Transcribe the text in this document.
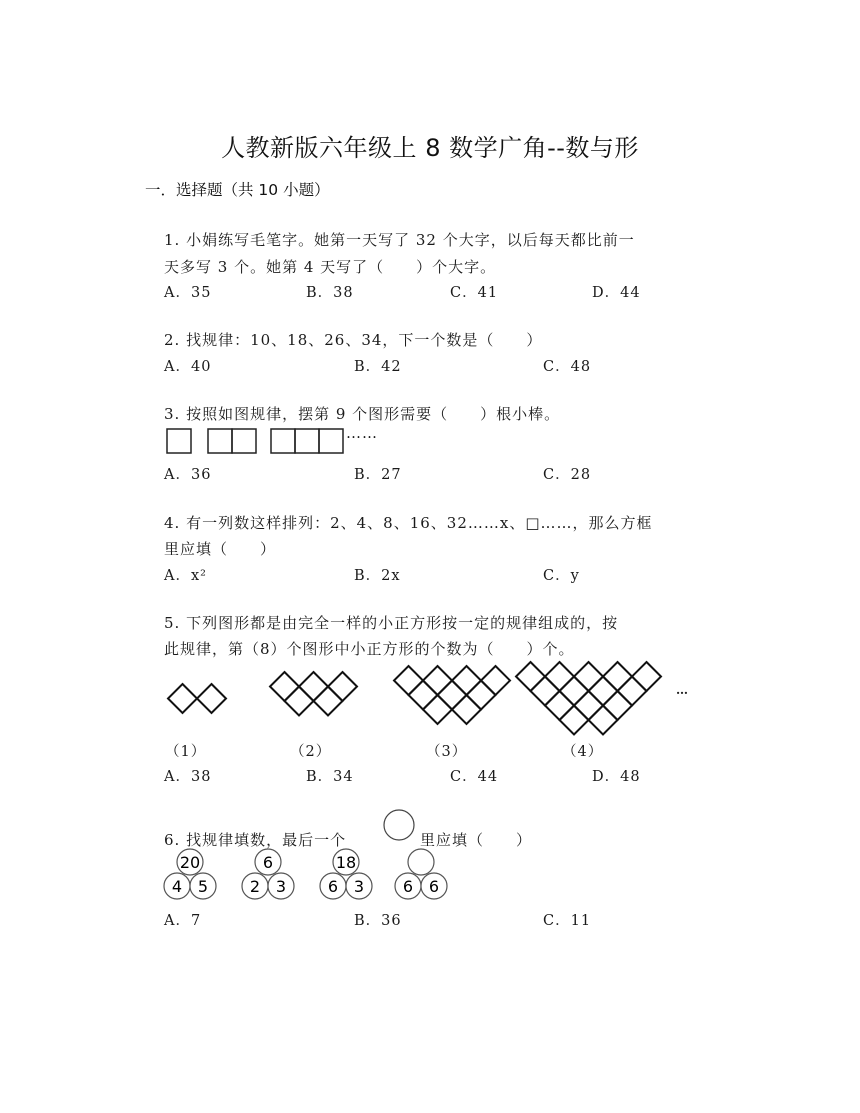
人教新版六年级上 8 数学广角--数与形
一．选择题（共 10 小题）
1. 小娟练写毛笔字。她第一天写了 32 个大字，以后每天都比前一
天多写 3 个。她第 4 天写了（　　）个大字。
A．35	B．38	C．41	D．44
2. 找规律：10、18、26、34，下一个数是（　　）
A．40	B．42	C．48
3. 按照如图规律，摆第 9 个图形需要（　　）根小棒。
……
A．36	B．27	C．28
4. 有一列数这样排列：2、4、8、16、32……x、□……，那么方框
里应填（　　）
A．x²	B．2x	C．y
5. 下列图形都是由完全一样的小正方形按一定的规律组成的，按
此规律，第（8）个图形中小正方形的个数为（　　）个。
…
（1）	（2）	（3）	（4）
A．38	B．34	C．44	D．48
6. 找规律填数，最后一个	里应填（　　）
20
4 5
6
2 3
18
6 3 6 6
A．7	B．36	C．11
